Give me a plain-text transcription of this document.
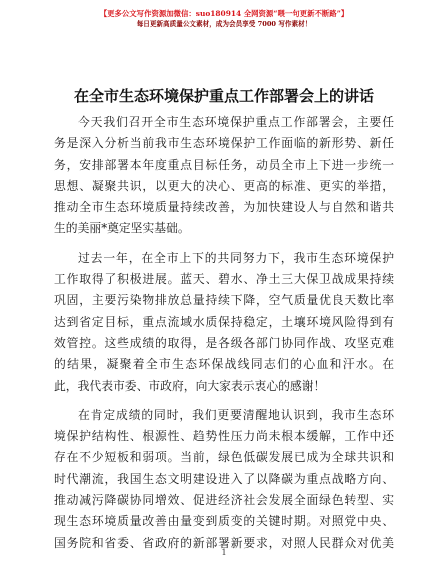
【更多公文写作资源加微信：suo180914 全网资源“喂一句更新不断路”】
每日更新高质量公文素材，成为会员享受 7000 写作素材！
在全市生态环境保护重点工作部署会上的讲话
今天我们召开全市生态环境保护重点工作部署会，主要任
务是深入分析当前我市生态环境保护工作面临的新形势、新任
务，安排部署本年度重点目标任务，动员全市上下进一步统一
思想、凝聚共识，以更大的决心、更高的标准、更实的举措，
推动全市生态环境质量持续改善，为加快建设人与自然和谐共
生的美丽*奠定坚实基础。
过去一年，在全市上下的共同努力下，我市生态环境保护
工作取得了积极进展。蓝天、碧水、净土三大保卫战成果持续
巩固，主要污染物排放总量持续下降，空气质量优良天数比率
达到省定目标，重点流域水质保持稳定，土壤环境风险得到有
效管控。这些成绩的取得，是各级各部门协同作战、攻坚克难
的结果，凝聚着全市生态环保战线同志们的心血和汗水。在
此，我代表市委、市政府，向大家表示衷心的感谢！
在肯定成绩的同时，我们更要清醒地认识到，我市生态环
境保护结构性、根源性、趋势性压力尚未根本缓解，工作中还
存在不少短板和弱项。当前，绿色低碳发展已成为全球共识和
时代潮流，我国生态文明建设进入了以降碳为重点战略方向、
推动减污降碳协同增效、促进经济社会发展全面绿色转型、实
现生态环境质量改善由量变到质变的关键时期。对照党中央、
国务院和省委、省政府的新部署新要求，对照人民群众对优美
1
